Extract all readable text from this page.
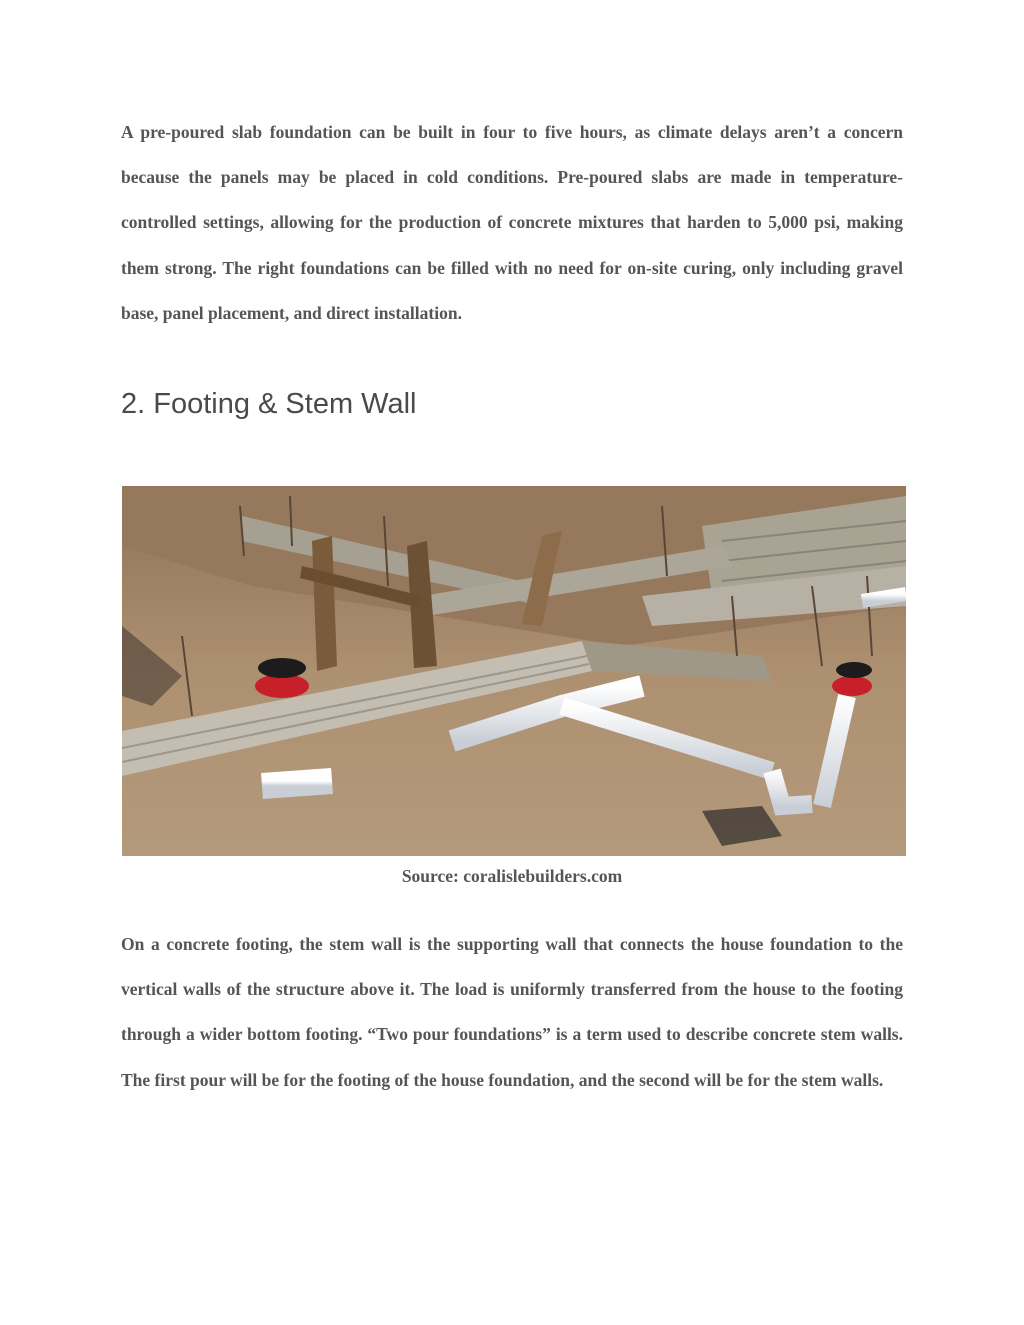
A pre-poured slab foundation can be built in four to five hours, as climate delays aren’t a concern because the panels may be placed in cold conditions. Pre-poured slabs are made in temperature-controlled settings, allowing for the production of concrete mixtures that harden to 5,000 psi, making them strong. The right foundations can be filled with no need for on-site curing, only including gravel base, panel placement, and direct installation.

2. Footing & Stem Wall

Source: coralislebuilders.com

On a concrete footing, the stem wall is the supporting wall that connects the house foundation to the vertical walls of the structure above it. The load is uniformly transferred from the house to the footing through a wider bottom footing. “Two pour foundations” is a term used to describe concrete stem walls. The first pour will be for the footing of the house foundation, and the second will be for the stem walls.
